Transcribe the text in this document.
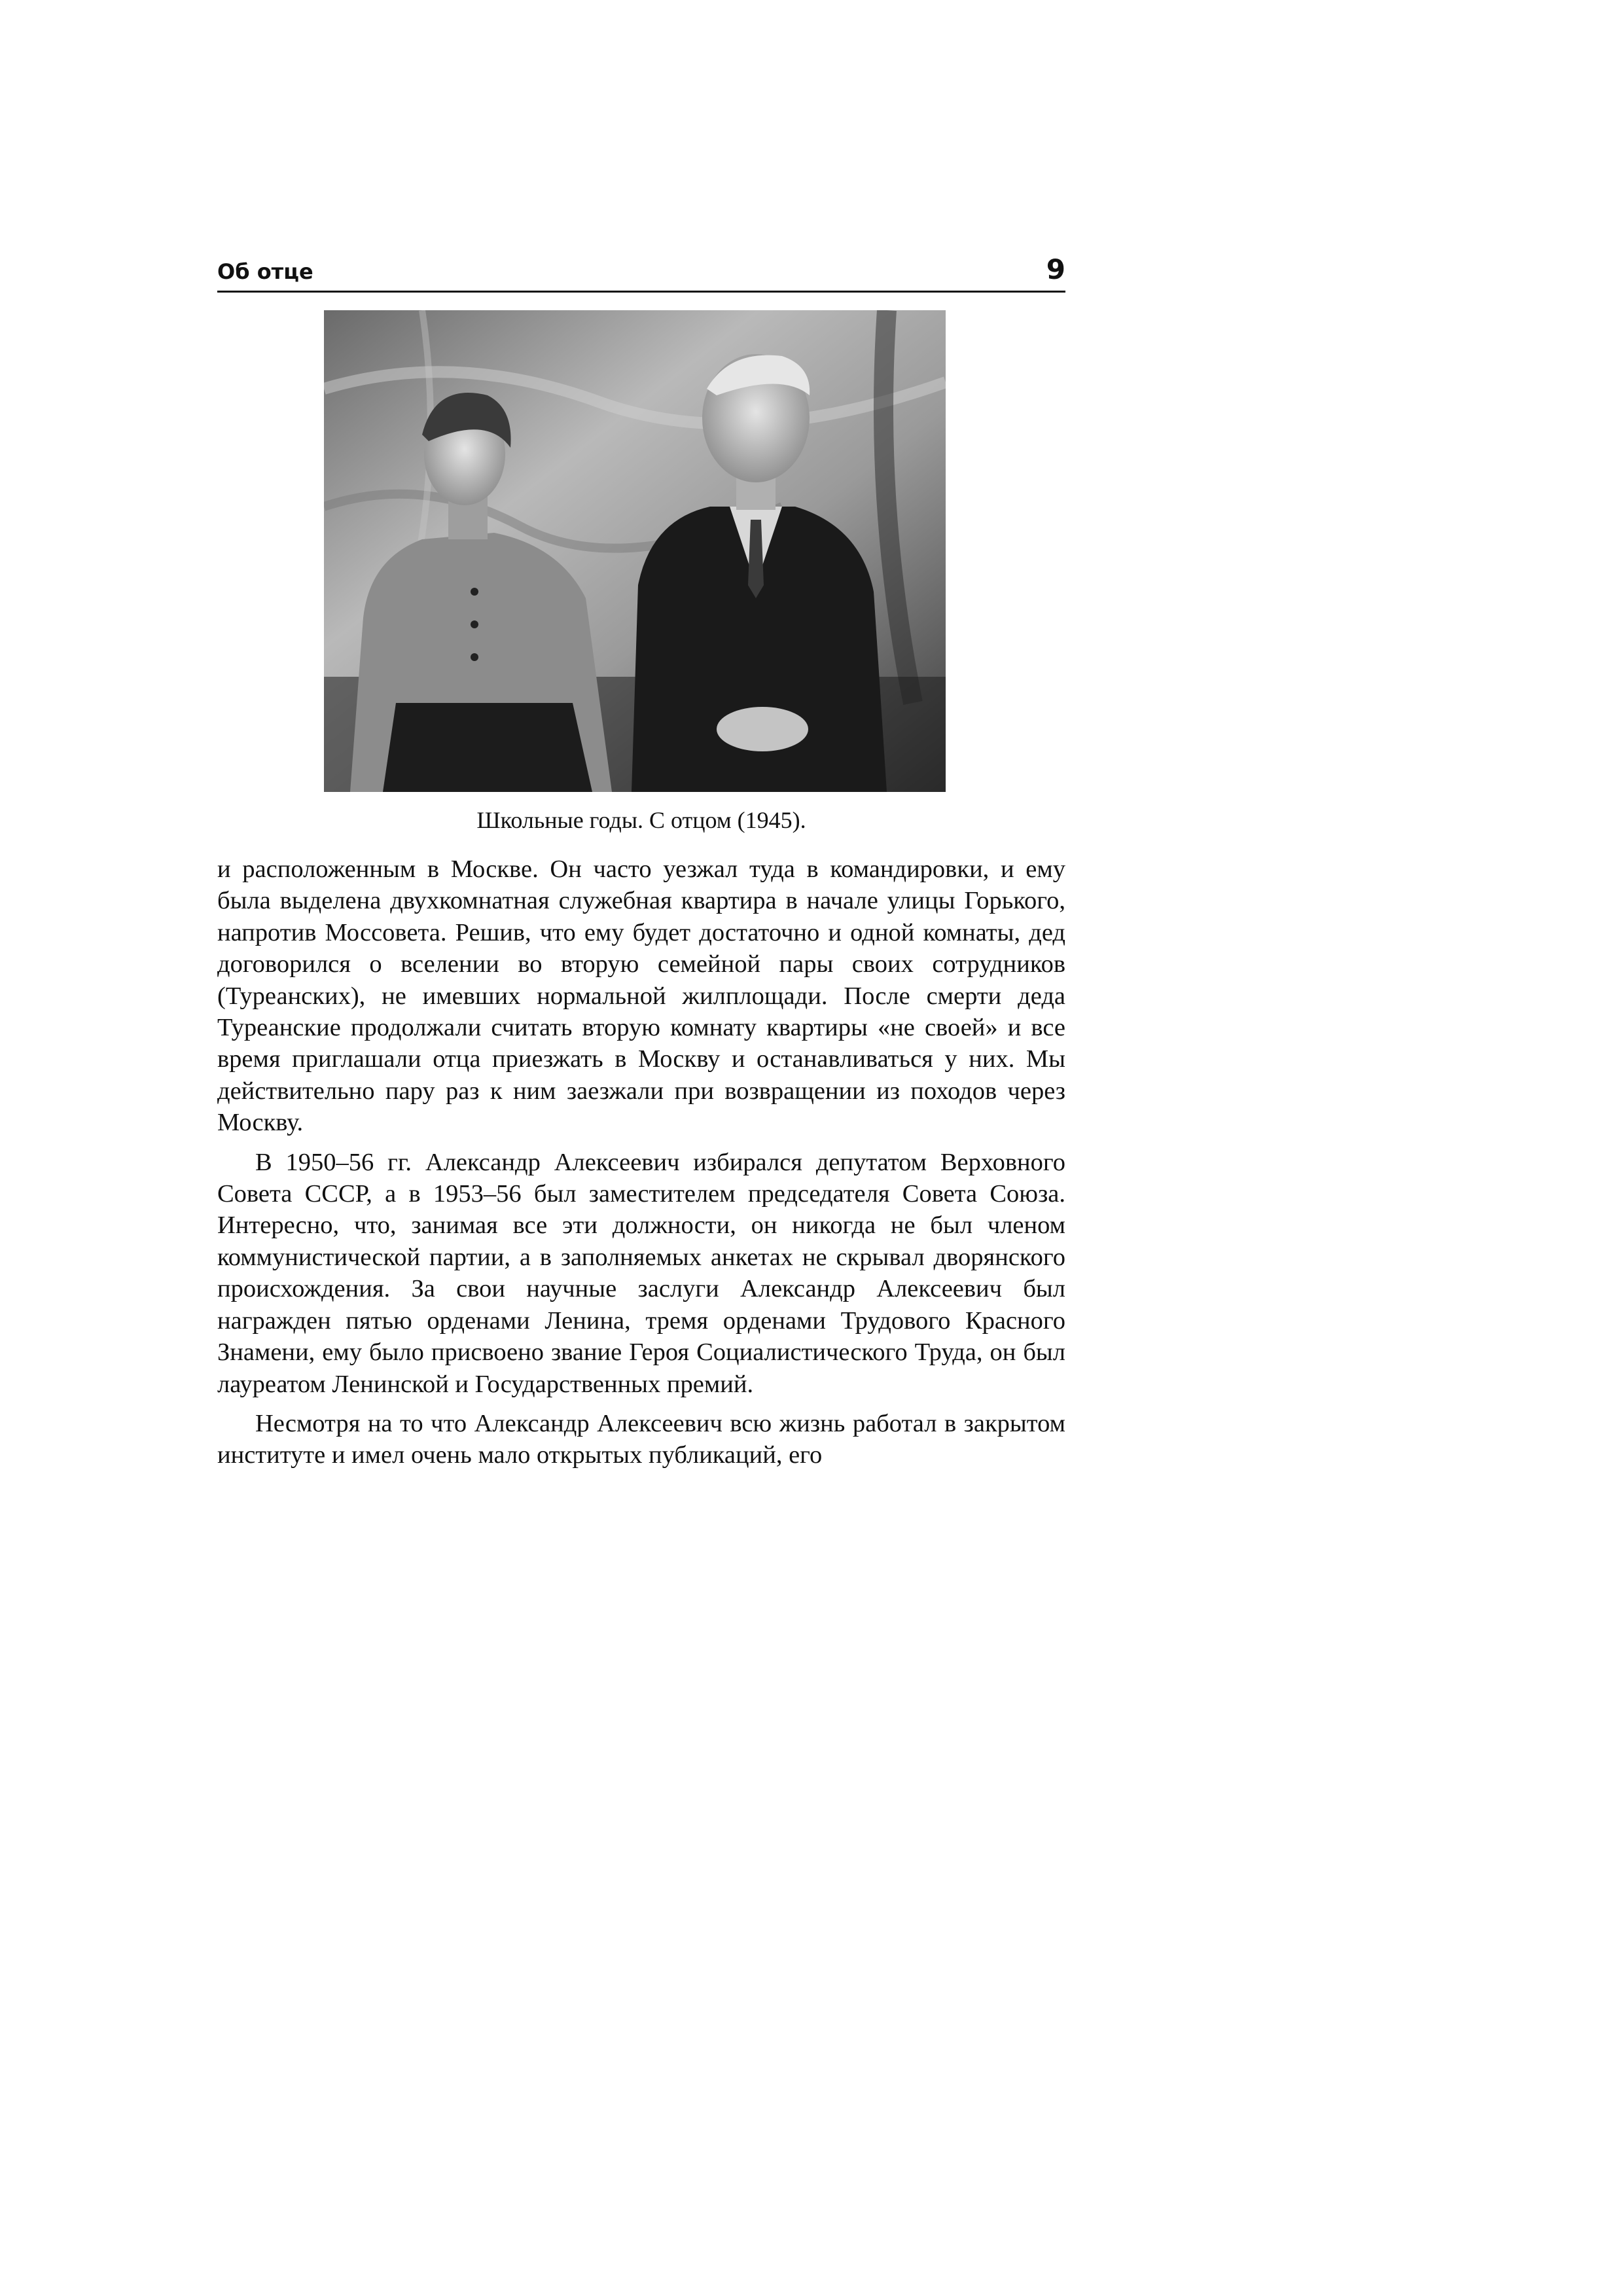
Об отце	9
Школьные годы. С отцом (1945).

и расположенным в Москве. Он часто уезжал туда в командировки, и ему была выделена двухкомнатная служебная квартира в начале улицы Горького, напротив Моссовета. Решив, что ему будет достаточно и одной комнаты, дед договорился о вселении во вторую семейной пары своих сотрудников (Туреанских), не имевших нормальной жилплощади. После смерти деда Туреанские продолжали считать вторую комнату квартиры «не своей» и все время приглашали отца приезжать в Москву и останавливаться у них. Мы действительно пару раз к ним заезжали при возвращении из походов через Москву.

В 1950–56 гг. Александр Алексеевич избирался депутатом Верховного Совета СССР, а в 1953–56 был заместителем председателя Совета Союза. Интересно, что, занимая все эти должности, он никогда не был членом коммунистической партии, а в заполняемых анкетах не скрывал дворянского происхождения. За свои научные заслуги Александр Алексеевич был награжден пятью орденами Ленина, тремя орденами Трудового Красного Знамени, ему было присвоено звание Героя Социалистического Труда, он был лауреатом Ленинской и Государственных премий.

Несмотря на то что Александр Алексеевич всю жизнь работал в закрытом институте и имел очень мало открытых публикаций, его
